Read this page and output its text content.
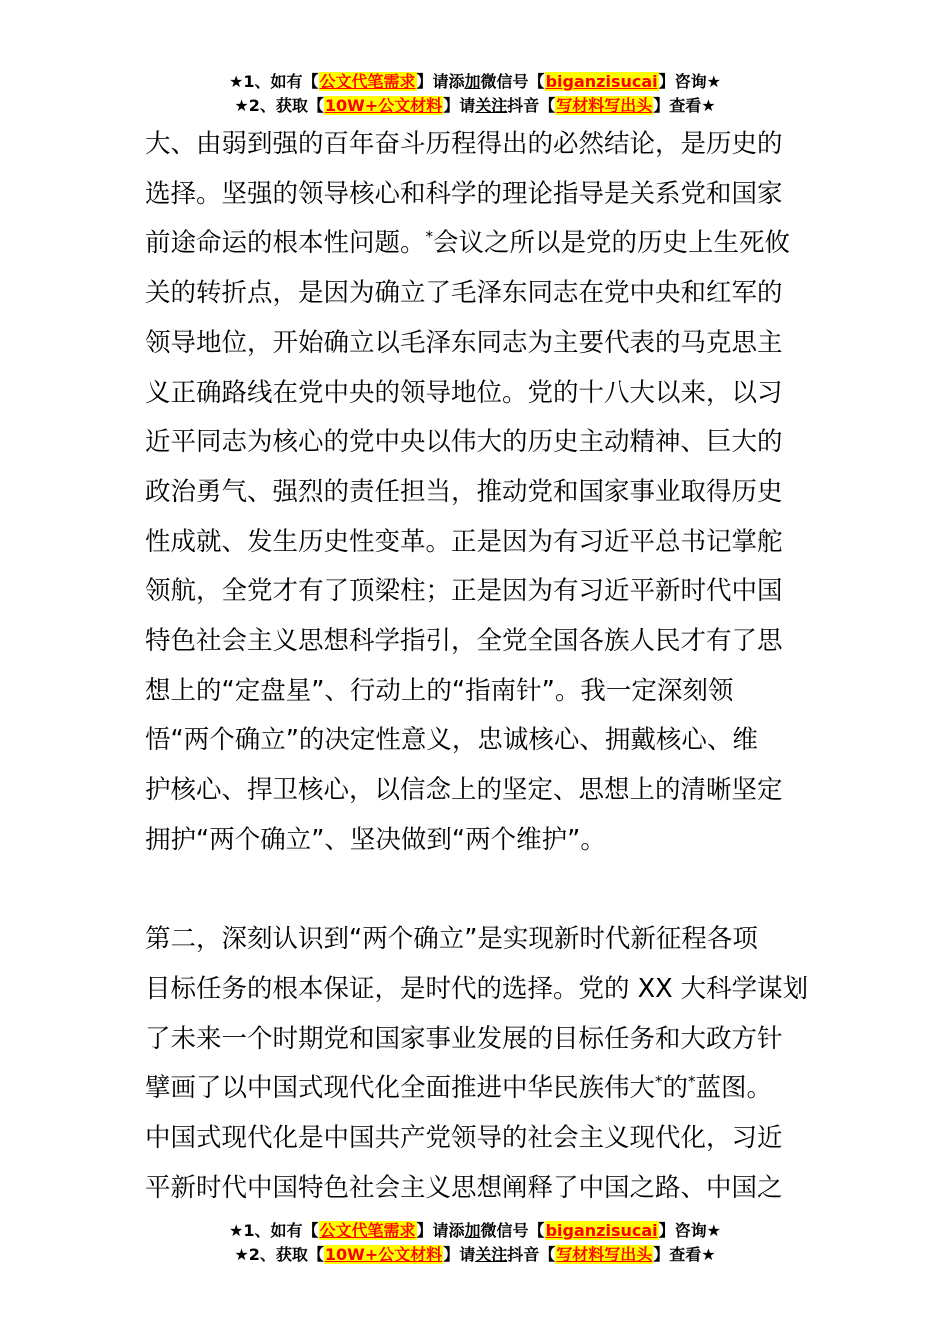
★1、如有【公文代笔需求】请添加微信号【biganzisucai】咨询★
★2、获取【10W+公文材料】请关注抖音【写材料写出头】查看★

大、由弱到强的百年奋斗历程得出的必然结论，是历史的
选择。坚强的领导核心和科学的理论指导是关系党和国家
前途命运的根本性问题。*会议之所以是党的历史上生死攸
关的转折点，是因为确立了毛泽东同志在党中央和红军的
领导地位，开始确立以毛泽东同志为主要代表的马克思主
义正确路线在党中央的领导地位。党的十八大以来，以习
近平同志为核心的党中央以伟大的历史主动精神、巨大的
政治勇气、强烈的责任担当，推动党和国家事业取得历史
性成就、发生历史性变革。正是因为有习近平总书记掌舵
领航，全党才有了顶梁柱；正是因为有习近平新时代中国
特色社会主义思想科学指引，全党全国各族人民才有了思
想上的“定盘星”、行动上的“指南针”。我一定深刻领
悟“两个确立”的决定性意义，忠诚核心、拥戴核心、维
护核心、捍卫核心，以信念上的坚定、思想上的清晰坚定
拥护“两个确立”、坚决做到“两个维护”。

第二，深刻认识到“两个确立”是实现新时代新征程各项
目标任务的根本保证，是时代的选择。党的 XX 大科学谋划
了未来一个时期党和国家事业发展的目标任务和大政方针
擘画了以中国式现代化全面推进中华民族伟大*的*蓝图。
中国式现代化是中国共产党领导的社会主义现代化，习近
平新时代中国特色社会主义思想阐释了中国之路、中国之

★1、如有【公文代笔需求】请添加微信号【biganzisucai】咨询★
★2、获取【10W+公文材料】请关注抖音【写材料写出头】查看★
